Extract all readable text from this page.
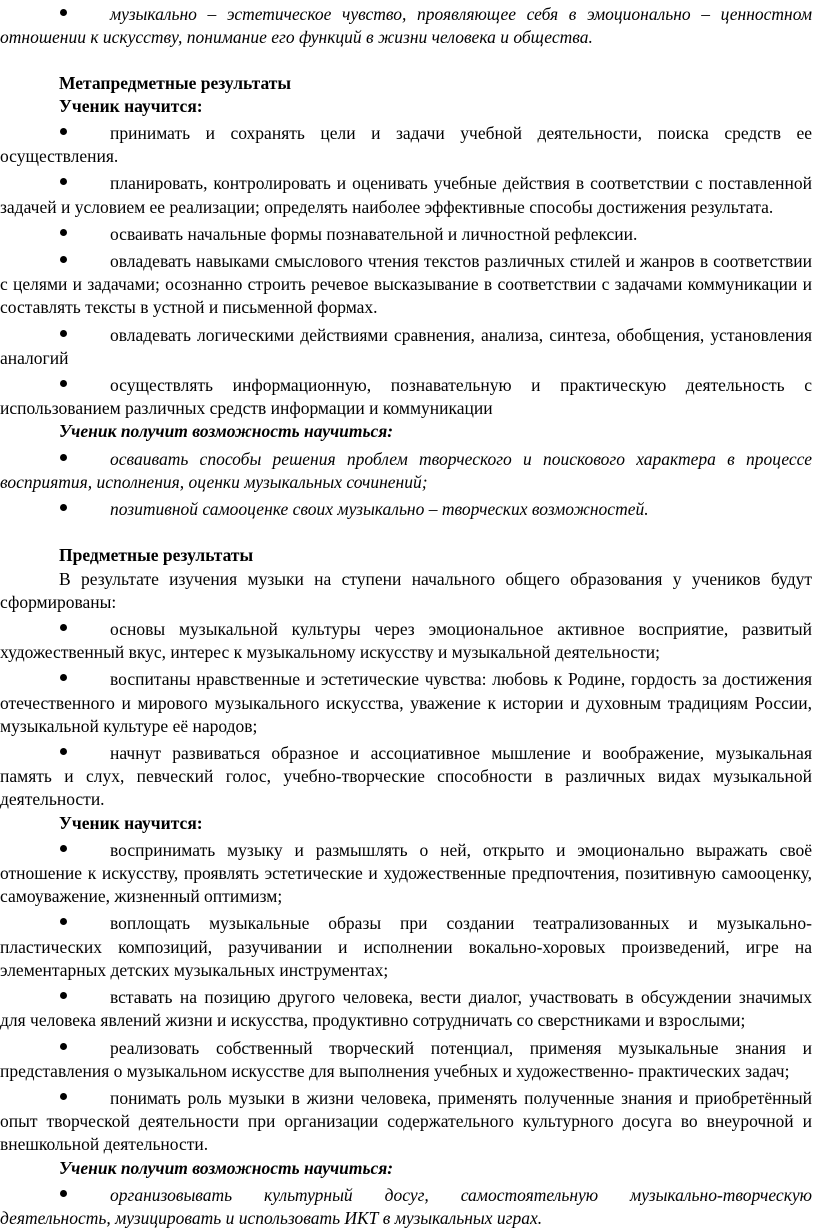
музыкально – эстетическое чувство, проявляющее себя в эмоционально – ценностном отношении к искусству, понимание его функций в жизни человека и общества.

Метапредметные результаты

Ученик научится:

принимать и сохранять цели и задачи учебной деятельности, поиска средств ее осуществления.

планировать, контролировать и оценивать учебные действия в соответствии с поставленной задачей и условием ее реализации; определять наиболее эффективные способы достижения результата.

осваивать начальные формы познавательной и личностной рефлексии.

овладевать навыками смыслового чтения текстов различных стилей и жанров в соответствии с целями и задачами; осознанно строить речевое высказывание в соответствии с задачами коммуникации и составлять тексты в устной и письменной формах.

овладевать логическими действиями сравнения, анализа, синтеза, обобщения, установления аналогий

осуществлять информационную, познавательную и практическую деятельность с использованием различных средств информации и коммуникации

Ученик получит возможность научиться:

осваивать способы решения проблем творческого и поискового характера в процессе восприятия, исполнения, оценки музыкальных сочинений;

позитивной самооценке своих музыкально – творческих возможностей.

Предметные результаты

В результате изучения музыки на ступени начального общего образования у учеников будут сформированы:

основы музыкальной культуры через эмоциональное активное восприятие, развитый художественный вкус, интерес к музыкальному искусству и музыкальной деятельности;

воспитаны нравственные и эстетические чувства: любовь к Родине, гордость за достижения отечественного и мирового музыкального искусства, уважение к истории и духовным традициям России, музыкальной культуре её народов;

начнут развиваться образное и ассоциативное мышление и воображение, музыкальная память и слух, певческий голос, учебно-творческие способности в различных видах музыкальной деятельности.

Ученик научится:

воспринимать музыку и размышлять о ней, открыто и эмоционально выражать своё отношение к искусству, проявлять эстетические и художественные предпочтения, позитивную самооценку, самоуважение, жизненный оптимизм;

воплощать музыкальные образы при создании театрализованных и музыкально-пластических композиций, разучивании и исполнении вокально-хоровых произведений, игре на элементарных детских музыкальных инструментах;

вставать на позицию другого человека, вести диалог, участвовать в обсуждении значимых для человека явлений жизни и искусства, продуктивно сотрудничать со сверстниками и взрослыми;

реализовать собственный творческий потенциал, применяя музыкальные знания и представления о музыкальном искусстве для выполнения учебных и художественно- практических задач;

понимать роль музыки в жизни человека, применять полученные знания и приобретённый опыт творческой деятельности при организации содержательного культурного досуга во внеурочной и внешкольной деятельности.

Ученик получит возможность научиться:

организовывать культурный досуг, самостоятельную музыкально-творческую деятельность, музицировать и использовать ИКТ в музыкальных играх.
